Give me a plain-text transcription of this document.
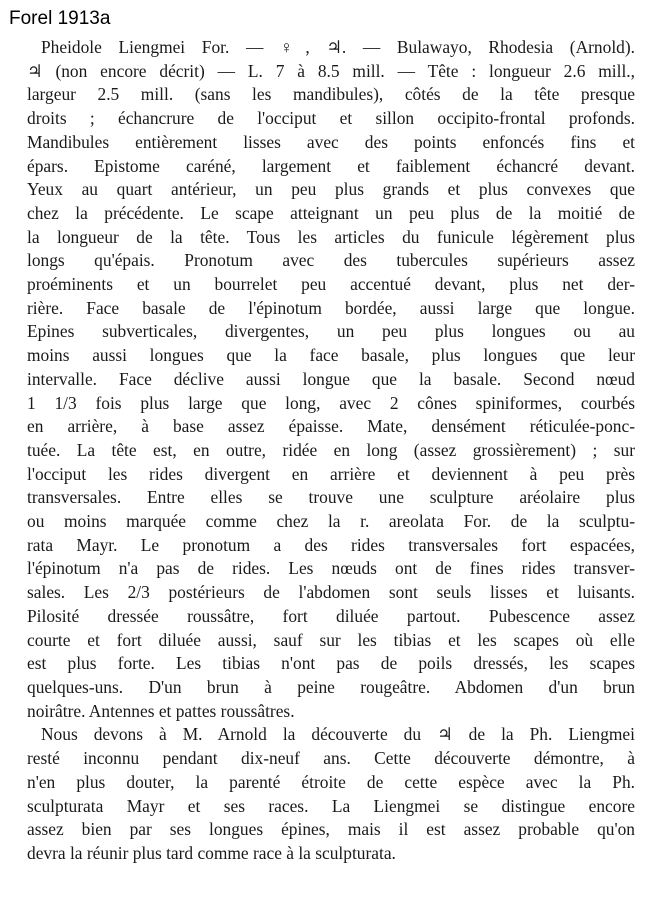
Forel 1913a
Pheidole Liengmei For. — ♀, ♃. — Bulawayo, Rhodesia (Arnold).
♃ (non encore décrit) — L. 7 à 8.5 mill. — Tête : longueur 2.6 mill.,
largeur 2.5 mill. (sans les mandibules), côtés de la tête presque
droits ; échancrure de l'occiput et sillon occipito-frontal profonds.
Mandibules entièrement lisses avec des points enfoncés fins et
épars. Epistome caréné, largement et faiblement échancré devant.
Yeux au quart antérieur, un peu plus grands et plus convexes que
chez la précédente. Le scape atteignant un peu plus de la moitié de
la longueur de la tête. Tous les articles du funicule légèrement plus
longs qu'épais. Pronotum avec des tubercules supérieurs assez
proéminents et un bourrelet peu accentué devant, plus net der-
rière. Face basale de l'épinotum bordée, aussi large que longue.
Epines subverticales, divergentes, un peu plus longues ou au
moins aussi longues que la face basale, plus longues que leur
intervalle. Face déclive aussi longue que la basale. Second nœud
1 1/3 fois plus large que long, avec 2 cônes spiniformes, courbés
en arrière, à base assez épaisse. Mate, densément réticulée-ponc-
tuée. La tête est, en outre, ridée en long (assez grossièrement) ; sur
l'occiput les rides divergent en arrière et deviennent à peu près
transversales. Entre elles se trouve une sculpture aréolaire plus
ou moins marquée comme chez la r. areolata For. de la sculptu-
rata Mayr. Le pronotum a des rides transversales fort espacées,
l'épinotum n'a pas de rides. Les nœuds ont de fines rides transver-
sales. Les 2/3 postérieurs de l'abdomen sont seuls lisses et luisants.
Pilosité dressée roussâtre, fort diluée partout. Pubescence assez
courte et fort diluée aussi, sauf sur les tibias et les scapes où elle
est plus forte. Les tibias n'ont pas de poils dressés, les scapes
quelques-uns. D'un brun à peine rougeâtre. Abdomen d'un brun
noirâtre. Antennes et pattes roussâtres.
Nous devons à M. Arnold la découverte du ♃ de la Ph. Liengmei
resté inconnu pendant dix-neuf ans. Cette découverte démontre, à
n'en plus douter, la parenté étroite de cette espèce avec la Ph.
sculpturata Mayr et ses races. La Liengmei se distingue encore
assez bien par ses longues épines, mais il est assez probable qu'on
devra la réunir plus tard comme race à la sculpturata.
